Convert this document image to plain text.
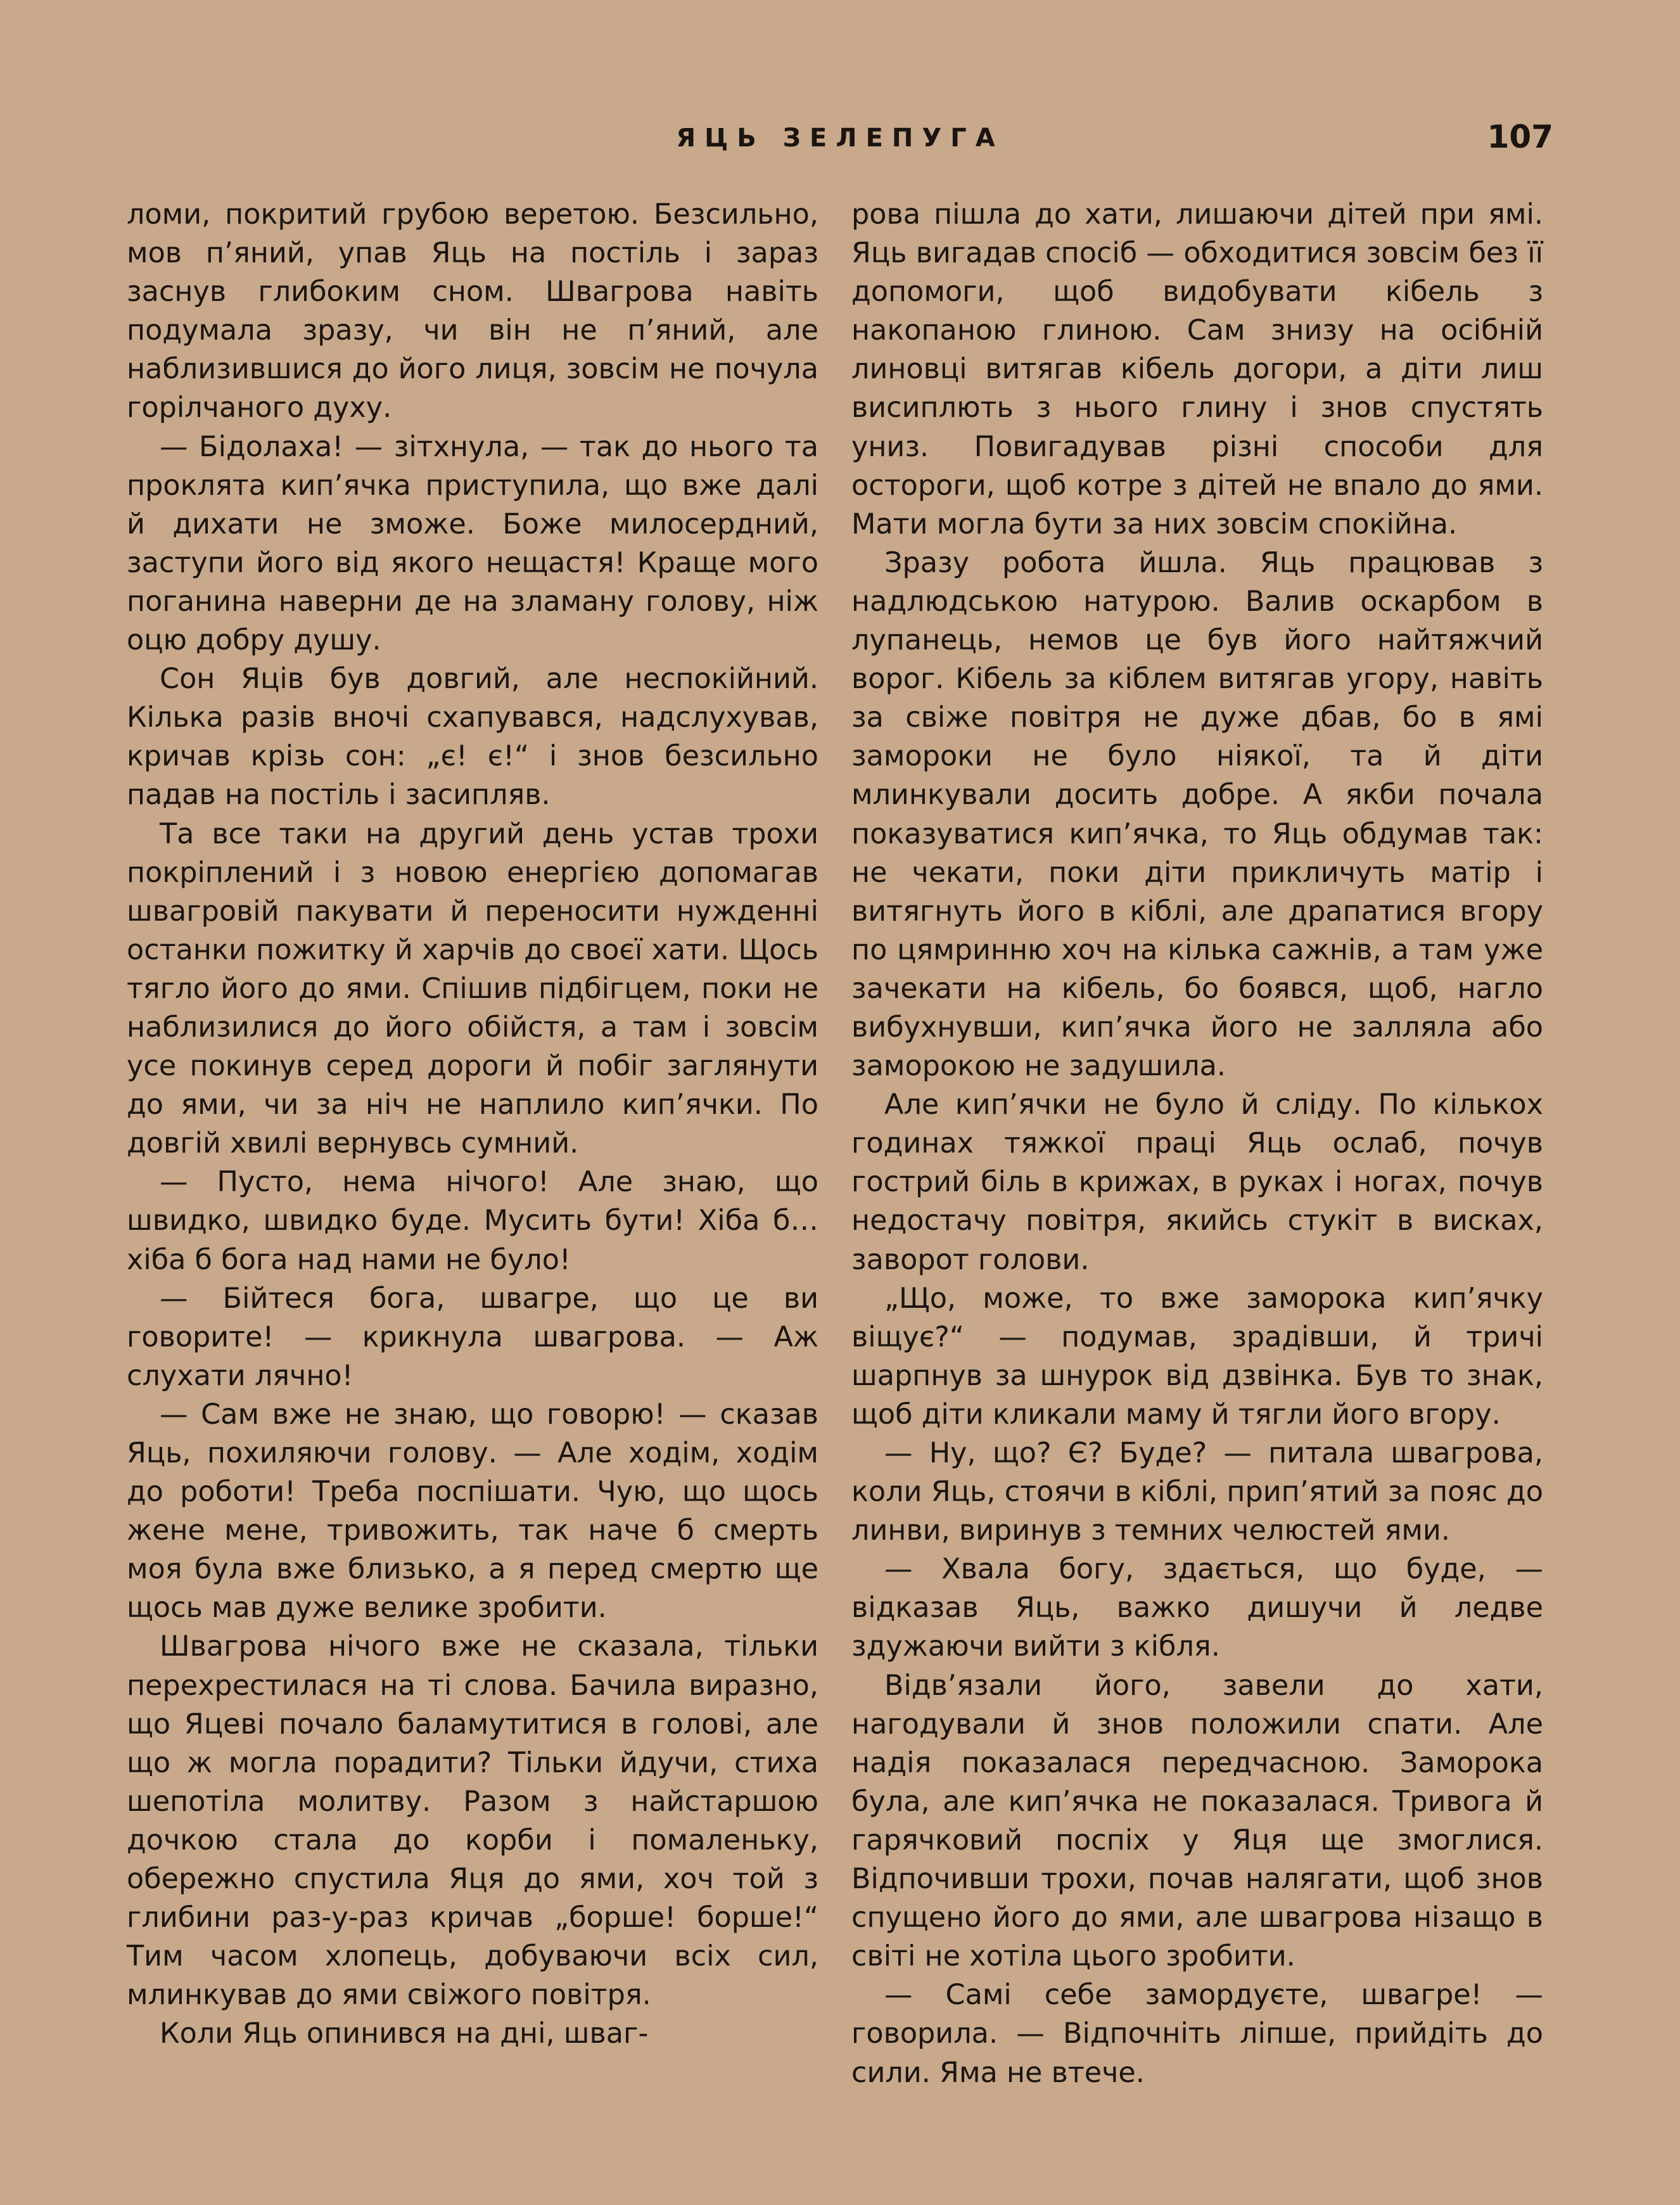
ЯЦЬ ЗЕЛЕПУГА	107

ломи, покритий грубою веретою. Безсильно, мов п’яний, упав Яць на постіль і зараз заснув глибоким сном. Швагрова навіть подумала зразу, чи він не п’яний, але наблизившися до його лиця, зовсім не почула горілчаного духу.

— Бідолаха! — зітхнула, — так до нього та проклята кип’ячка приступила, що вже далі й дихати не зможе. Боже милосердний, заступи його від якого нещастя! Краще мого поганина наверни де на зламану голову, ніж оцю добру душу.

Сон Яців був довгий, але неспокійний. Кілька разів вночі схапувався, надслухував, кричав крізь сон: „є! є!“ і знов безсильно падав на постіль і засипляв.

Та все таки на другий день устав трохи покріплений і з новою енергією допомагав швагровій пакувати й переносити нужденні останки пожитку й харчів до своєї хати. Щось тягло його до ями. Спішив підбігцем, поки не наблизилися до його обійстя, а там і зовсім усе покинув серед дороги й побіг заглянути до ями, чи за ніч не наплило кип’ячки. По довгій хвилі вернувсь сумний.

— Пусто, нема нічого! Але знаю, що швидко, швидко буде. Мусить бути! Хіба б… хіба б бога над нами не було!

— Бійтеся бога, швагре, що це ви говорите! — крикнула швагрова. — Аж слухати лячно!

— Сам вже не знаю, що говорю! — сказав Яць, похиляючи голову. — Але ходім, ходім до роботи! Треба поспішати. Чую, що щось жене мене, тривожить, так наче б смерть моя була вже близько, а я перед смертю ще щось мав дуже велике зробити.

Швагрова нічого вже не сказала, тільки перехрестилася на ті слова. Бачила виразно, що Яцеві почало баламутитися в голові, але що ж могла порадити? Тільки йдучи, стиха шепотіла молитву. Разом з найстаршою дочкою стала до корби і помаленьку, обережно спустила Яця до ями, хоч той з глибини раз-у-раз кричав „борше! борше!“ Тим часом хлопець, добуваючи всіх сил, млинкував до ями свіжого повітря.

Коли Яць опинився на дні, шваг-

рова пішла до хати, лишаючи дітей при ямі. Яць вигадав спосіб — обходитися зовсім без її допомоги, щоб видобувати кібель з накопаною глиною. Сам знизу на осібній линовці витягав кібель догори, а діти лиш висиплють з нього глину і знов спустять униз. Повигадував різні способи для остороги, щоб котре з дітей не впало до ями. Мати могла бути за них зовсім спокійна.

Зразу робота йшла. Яць працював з надлюдською натурою. Валив оскарбом в лупанець, немов це був його найтяжчий ворог. Кібель за кіблем витягав угору, навіть за свіже повітря не дуже дбав, бо в ямі замороки не було ніякої, та й діти млинкували досить добре. А якби почала показуватися кип’ячка, то Яць обдумав так: не чекати, поки діти прикличуть матір і витягнуть його в кіблі, але драпатися вгору по цямринню хоч на кілька сажнів, а там уже зачекати на кібель, бо боявся, щоб, нагло вибухнувши, кип’ячка його не залляла або заморокою не задушила.

Але кип’ячки не було й сліду. По кількох годинах тяжкої праці Яць ослаб, почув гострий біль в крижах, в руках і ногах, почув недостачу повітря, якийсь стукіт в висках, заворот голови.

„Що, може, то вже заморока кип’ячку віщує?“ — подумав, зрадівши, й тричі шарпнув за шнурок від дзвінка. Був то знак, щоб діти кликали маму й тягли його вгору.

— Ну, що? Є? Буде? — питала швагрова, коли Яць, стоячи в кіблі, прип’ятий за пояс до линви, виринув з темних челюстей ями.

— Хвала богу, здається, що буде, — відказав Яць, важко дишучи й ледве здужаючи вийти з кібля.

Відв’язали його, завели до хати, нагодували й знов положили спати. Але надія показалася передчасною. Заморока була, але кип’ячка не показалася. Тривога й гарячковий поспіх у Яця ще змоглися. Відпочивши трохи, почав налягати, щоб знов спущено його до ями, але швагрова нізащо в світі не хотіла цього зробити.

— Самі себе замордуєте, швагре! — говорила. — Відпочніть ліпше, прийдіть до сили. Яма не втече.
